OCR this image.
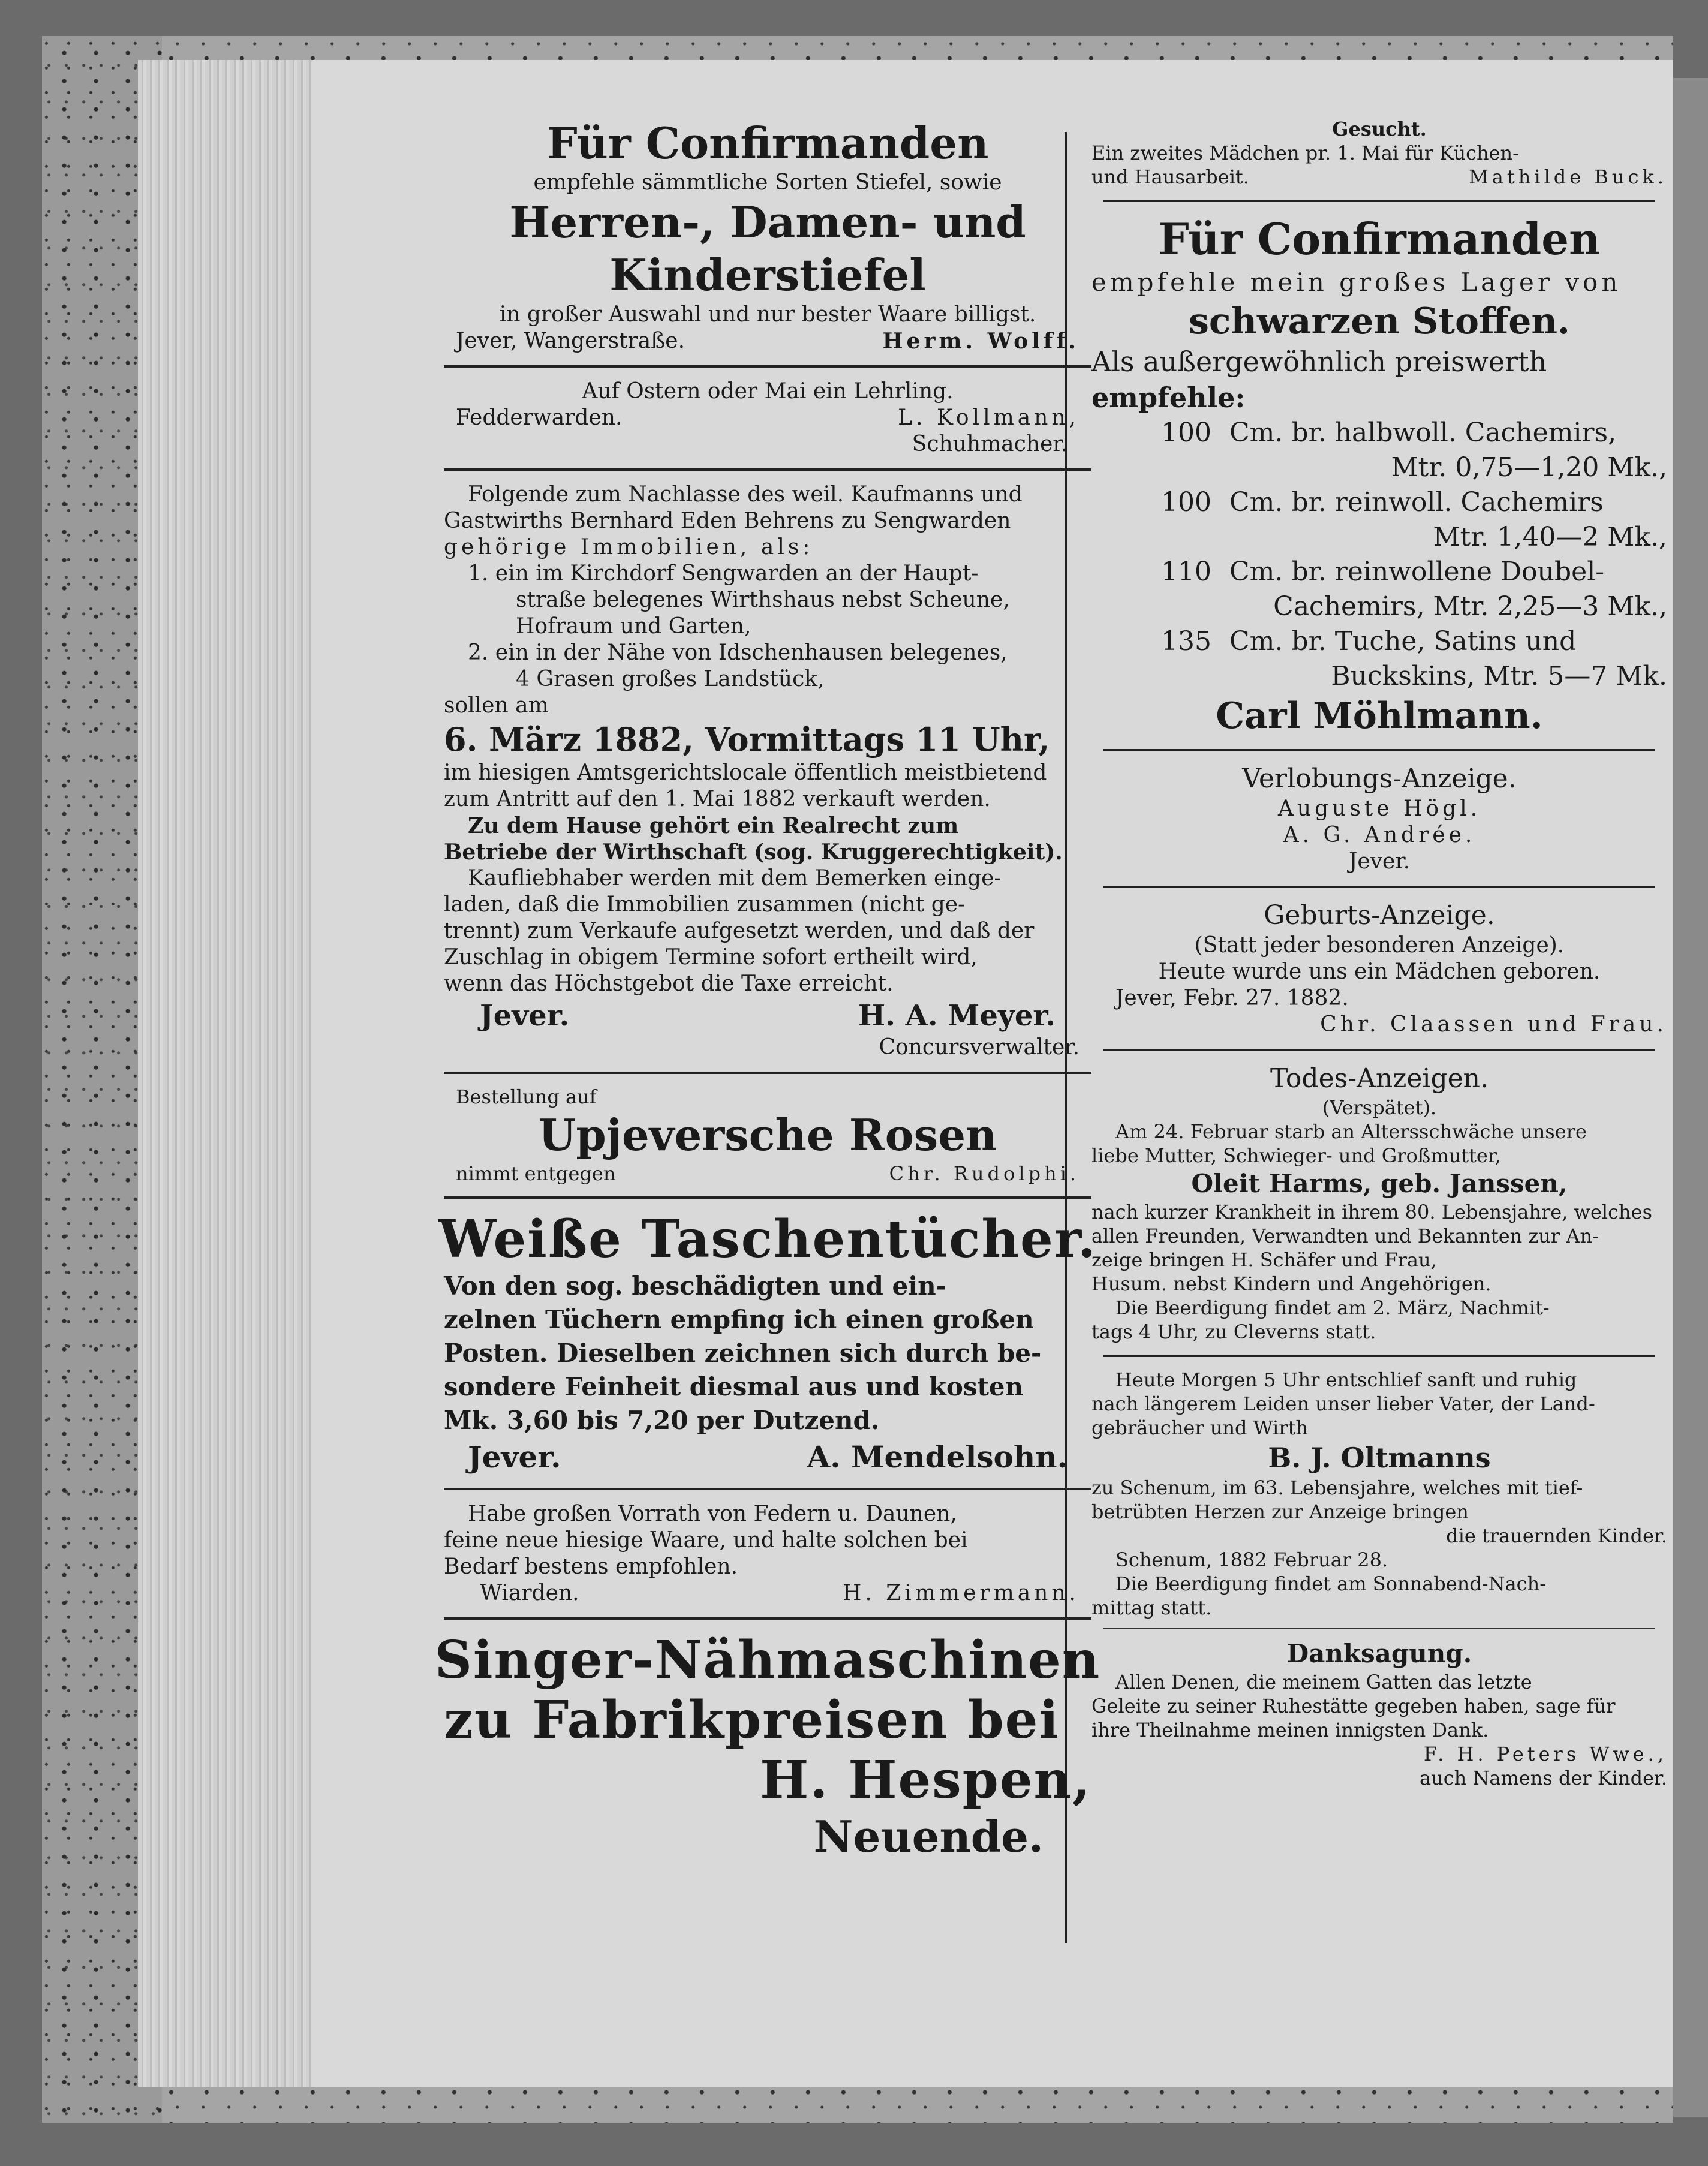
Für Confirmanden
empfehle sämmtliche Sorten Stiefel, sowie
Herren-, Damen- und
Kinderstiefel
in großer Auswahl und nur bester Waare billigst.
Jever, Wangerstraße.	Herm. Wolff.
Auf Ostern oder Mai ein Lehrling.
Fedderwarden.	L. Kollmann,
Schuhmacher.
Folgende zum Nachlasse des weil. Kaufmanns und
Gastwirths Bernhard Eden Behrens zu Sengwarden
gehörige Immobilien, als:
1. ein im Kirchdorf Sengwarden an der Haupt-
straße belegenes Wirthshaus nebst Scheune,
Hofraum und Garten,
2. ein in der Nähe von Idschenhausen belegenes,
4 Grasen großes Landstück,
sollen am
6. März 1882, Vormittags 11 Uhr,
im hiesigen Amtsgerichtslocale öffentlich meistbietend
zum Antritt auf den 1. Mai 1882 verkauft werden.
Zu dem Hause gehört ein Realrecht zum
Betriebe der Wirthschaft (sog. Kruggerechtigkeit).
Kaufliebhaber werden mit dem Bemerken einge-
laden, daß die Immobilien zusammen (nicht ge-
trennt) zum Verkaufe aufgesetzt werden, und daß der
Zuschlag in obigem Termine sofort ertheilt wird,
wenn das Höchstgebot die Taxe erreicht.
Jever.	H. A. Meyer.
Concursverwalter.
Bestellung auf
Upjeversche Rosen
nimmt entgegen	Chr. Rudolphi.
Weiße Taschentücher.
Von den sog. beschädigten und ein-
zelnen Tüchern empfing ich einen großen
Posten. Dieselben zeichnen sich durch be-
sondere Feinheit diesmal aus und kosten
Mk. 3,60 bis 7,20 per Dutzend.
Jever.	A. Mendelsohn.
Habe großen Vorrath von Federn u. Daunen,
feine neue hiesige Waare, und halte solchen bei
Bedarf bestens empfohlen.
Wiarden.	H. Zimmermann.
Singer-Nähmaschinen
zu Fabrikpreisen bei
H. Hespen,
Neuende.
Gesucht.
Ein zweites Mädchen pr. 1. Mai für Küchen-
und Hausarbeit.	Mathilde Buck.
Für Confirmanden
empfehle mein großes Lager von
schwarzen Stoffen.
Als außergewöhnlich preiswerth
empfehle:
100 Cm. br. halbwoll. Cachemirs,
Mtr. 0,75—1,20 Mk.,
100 Cm. br. reinwoll. Cachemirs
Mtr. 1,40—2 Mk.,
110 Cm. br. reinwollene Doubel-
Cachemirs, Mtr. 2,25—3 Mk.,
135 Cm. br. Tuche, Satins und
Buckskins, Mtr. 5—7 Mk.
Carl Möhlmann.
Verlobungs-Anzeige.
Auguste Högl.
A. G. Andrée.
Jever.
Geburts-Anzeige.
(Statt jeder besonderen Anzeige).
Heute wurde uns ein Mädchen geboren.
Jever, Febr. 27. 1882.
Chr. Claassen und Frau.
Todes-Anzeigen.
(Verspätet).
Am 24. Februar starb an Altersschwäche unsere
liebe Mutter, Schwieger- und Großmutter,
Oleit Harms, geb. Janssen,
nach kurzer Krankheit in ihrem 80. Lebensjahre, welches
allen Freunden, Verwandten und Bekannten zur An-
zeige bringen H. Schäfer und Frau,
Husum. nebst Kindern und Angehörigen.
Die Beerdigung findet am 2. März, Nachmit-
tags 4 Uhr, zu Cleverns statt.
Heute Morgen 5 Uhr entschlief sanft und ruhig
nach längerem Leiden unser lieber Vater, der Land-
gebräucher und Wirth
B. J. Oltmanns
zu Schenum, im 63. Lebensjahre, welches mit tief-
betrübten Herzen zur Anzeige bringen
die trauernden Kinder.
Schenum, 1882 Februar 28.
Die Beerdigung findet am Sonnabend-Nach-
mittag statt.
Danksagung.
Allen Denen, die meinem Gatten das letzte
Geleite zu seiner Ruhestätte gegeben haben, sage für
ihre Theilnahme meinen innigsten Dank.
F. H. Peters Wwe.,
auch Namens der Kinder.
